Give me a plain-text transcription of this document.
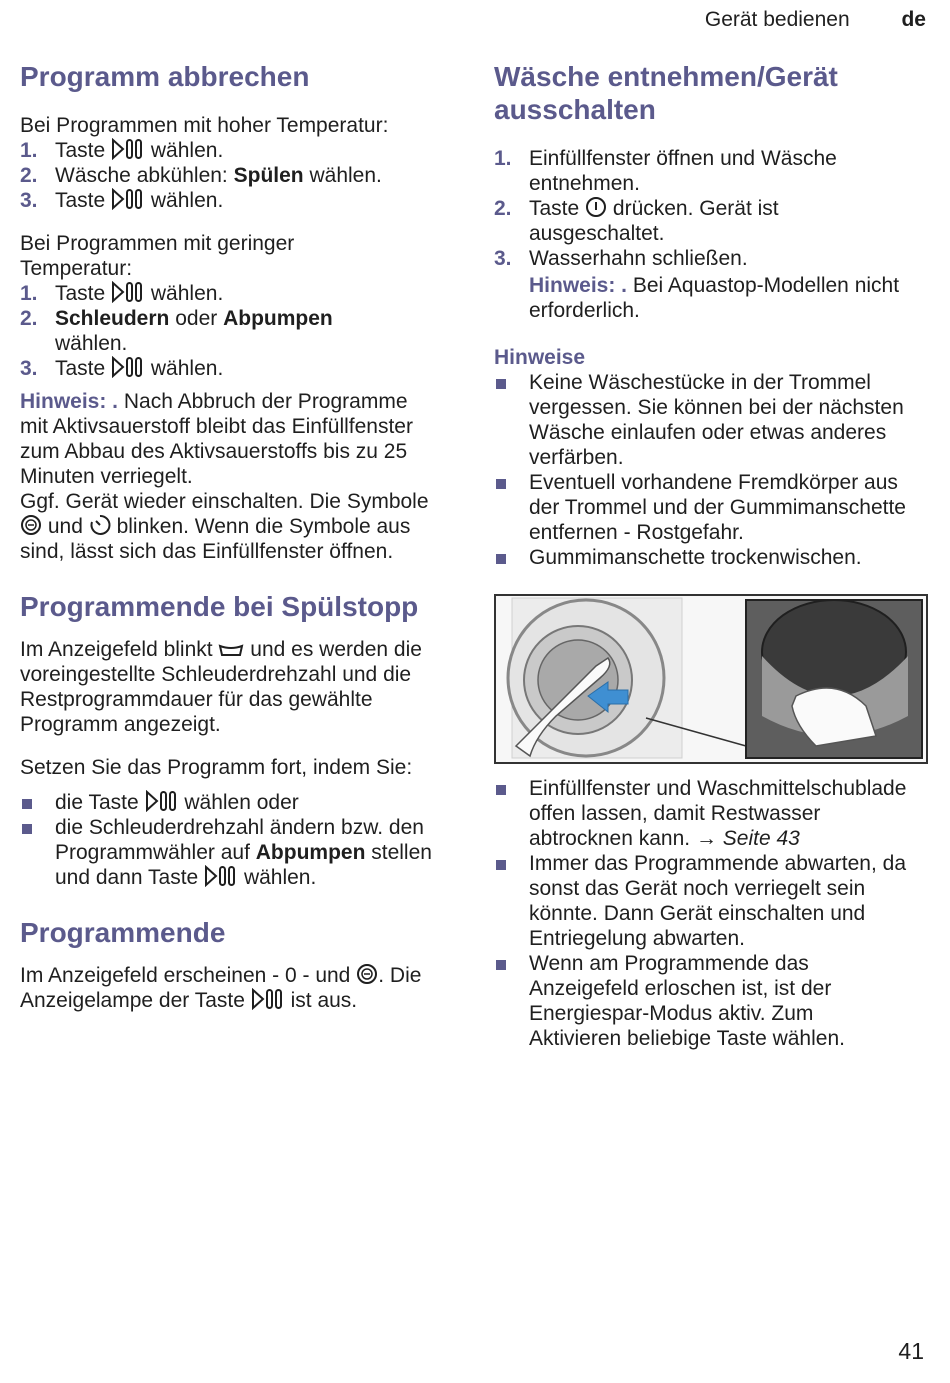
Gerät bedienen de
Programm abbrechen

Bei Programmen mit hoher Temperatur:

1. Taste wählen.
2. Wäsche abkühlen: Spülen wählen.
3. Taste wählen.

Bei Programmen mit geringer Temperatur:

1. Taste wählen.
2. Schleudern oder Abpumpen wählen.
3. Taste wählen.

Hinweis: . Nach Abbruch der Programme mit Aktivsauerstoff bleibt das Einfüllfenster zum Abbau des Aktivsauerstoffs bis zu 25 Minuten verriegelt.

Ggf. Gerät wieder einschalten. Die Symbole  und blinken. Wenn die Symbole aus sind, lässt sich das Einfüllfenster öffnen.

Programmende bei Spülstopp

Im Anzeigefeld blinkt und es werden die voreingestellte Schleuderdrehzahl und die Restprogrammdauer für das gewählte Programm angezeigt.

Setzen Sie das Programm fort, indem Sie:

die Taste wählen oder
die Schleuderdrehzahl ändern bzw. den Programmwähler auf Abpumpen stellen und dann Taste wählen.
Programmende

Im Anzeigefeld erscheinen - 0 - und . Die Anzeigelampe der Taste ist aus.

Wäsche entnehmen/Gerät ausschalten
1. Einfüllfenster öffnen und Wäsche entnehmen.
2. Taste drücken. Gerät ist ausgeschaltet.
3. Wasserhahn schließen.
Hinweis: . Bei Aquastop-Modellen nicht erforderlich.
Hinweise
Keine Wäschestücke in der Trommel vergessen. Sie können bei der nächsten Wäsche einlaufen oder etwas anderes verfärben.
Eventuell vorhandene Fremdkörper aus der Trommel und der Gummimanschette entfernen - Rostgefahr.
Gummimanschette trockenwischen.
Einfüllfenster und Waschmittelschublade offen lassen, damit Restwasser abtrocknen kann. → Seite 43
Immer das Programmende abwarten, da sonst das Gerät noch verriegelt sein könnte. Dann Gerät einschalten und Entriegelung abwarten.
Wenn am Programmende das Anzeigefeld erloschen ist, ist der Energiespar-Modus aktiv. Zum Aktivieren beliebige Taste wählen.
41
